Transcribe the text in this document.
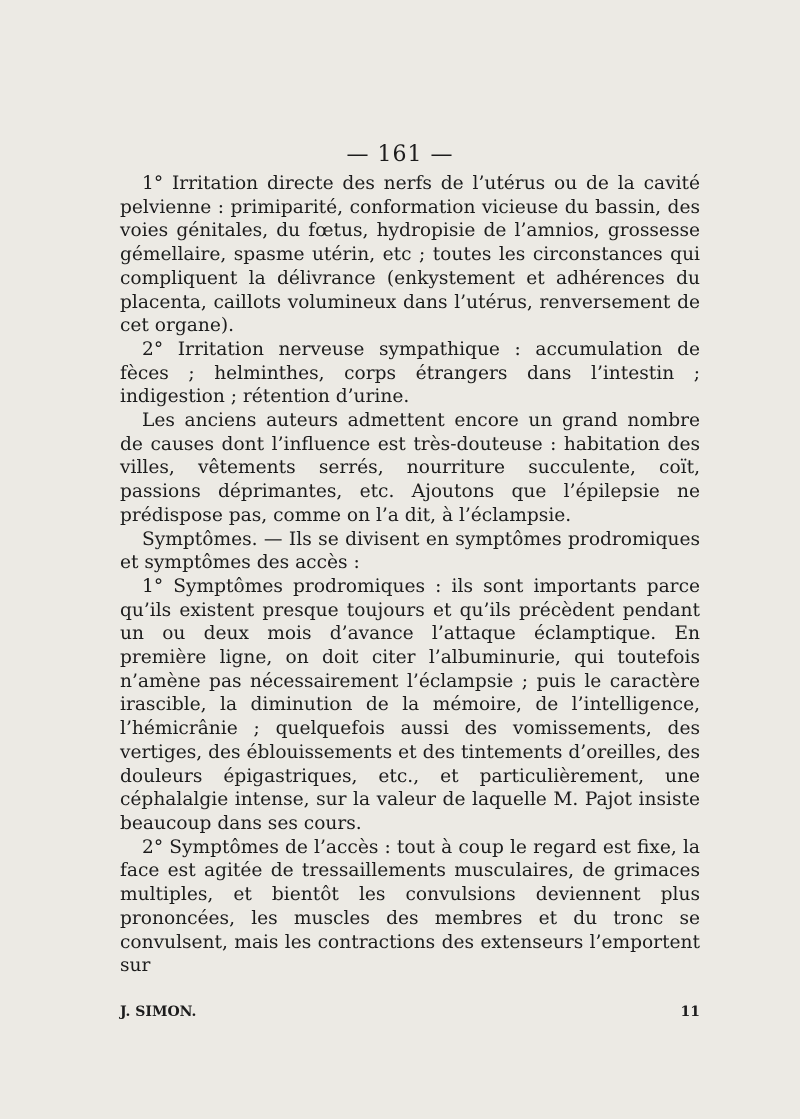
— 161 —

1° Irritation directe des nerfs de l’utérus ou de la cavité pelvienne : primiparité, conformation vicieuse du bassin, des voies génitales, du fœtus, hydropisie de l’amnios, grossesse gémellaire, spasme utérin, etc ; toutes les circonstances qui compliquent la délivrance (enkystement et adhérences du placenta, caillots volumineux dans l’utérus, renversement de cet organe).

2° Irritation nerveuse sympathique : accumulation de fèces ; helminthes, corps étrangers dans l’intestin ; indigestion ; rétention d’urine.

Les anciens auteurs admettent encore un grand nombre de causes dont l’influence est très-douteuse : habitation des villes, vêtements serrés, nourriture succulente, coït, passions déprimantes, etc. Ajoutons que l’épilepsie ne prédispose pas, comme on l’a dit, à l’éclampsie.

Symptômes. — Ils se divisent en symptômes prodromiques et symptômes des accès :

1° Symptômes prodromiques : ils sont importants parce qu’ils existent presque toujours et qu’ils précèdent pendant un ou deux mois d’avance l’attaque éclamptique. En première ligne, on doit citer l’albuminurie, qui toutefois n’amène pas nécessairement l’éclampsie ; puis le caractère irascible, la diminution de la mémoire, de l’intelligence, l’hémicrânie ; quelquefois aussi des vomissements, des vertiges, des éblouissements et des tintements d’oreilles, des douleurs épigastriques, etc., et particulièrement, une céphalalgie intense, sur la valeur de laquelle M. Pajot insiste beaucoup dans ses cours.

2° Symptômes de l’accès : tout à coup le regard est fixe, la face est agitée de tressaillements musculaires, de grimaces multiples, et bientôt les convulsions deviennent plus prononcées, les muscles des membres et du tronc se convulsent, mais les contractions des extenseurs l’emportent sur

J. SIMON.	11
